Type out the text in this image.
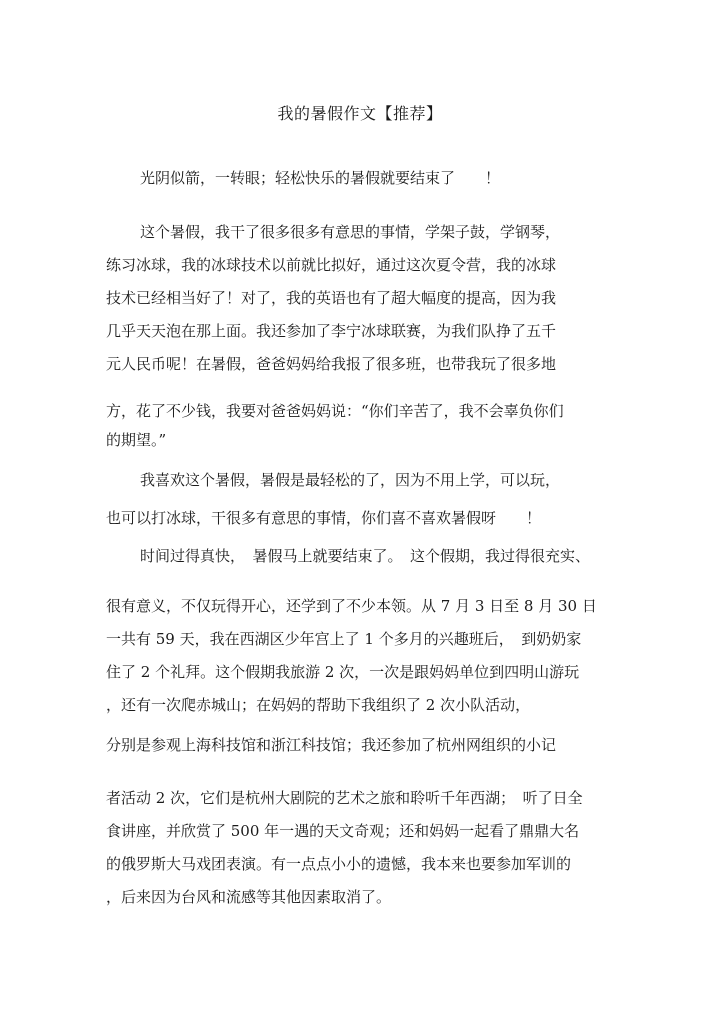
我的暑假作文【推荐】
光阴似箭，一转眼；轻松快乐的暑假就要结束了　　！
这个暑假，我干了很多很多有意思的事情，学架子鼓，学钢琴，
练习冰球，我的冰球技术以前就比拟好，通过这次夏令营，我的冰球
技术已经相当好了！对了，我的英语也有了超大幅度的提高，因为我
几乎天天泡在那上面。我还参加了李宁冰球联赛，为我们队挣了五千
元人民币呢！在暑假，爸爸妈妈给我报了很多班，也带我玩了很多地
方，花了不少钱，我要对爸爸妈妈说：“你们辛苦了，我不会辜负你们
的期望。”
我喜欢这个暑假，暑假是最轻松的了，因为不用上学，可以玩，
也可以打冰球，干很多有意思的事情，你们喜不喜欢暑假呀　　！
时间过得真快，　暑假马上就要结束了。　这个假期，我过得很充实、
很有意义，不仅玩得开心，还学到了不少本领。从 7 月 3 日至 8 月 30 日
一共有 59 天，我在西湖区少年宫上了 1 个多月的兴趣班后，　到奶奶家
住了 2 个礼拜。这个假期我旅游 2 次，一次是跟妈妈单位到四明山游玩
，还有一次爬赤城山；在妈妈的帮助下我组织了 2 次小队活动，
分别是参观上海科技馆和浙江科技馆；我还参加了杭州网组织的小记
者活动 2 次，它们是杭州大剧院的艺术之旅和聆听千年西湖；　听了日全
食讲座，并欣赏了 500 年一遇的天文奇观；还和妈妈一起看了鼎鼎大名
的俄罗斯大马戏团表演。有一点点小小的遗憾，我本来也要参加军训的
，后来因为台风和流感等其他因素取消了。
